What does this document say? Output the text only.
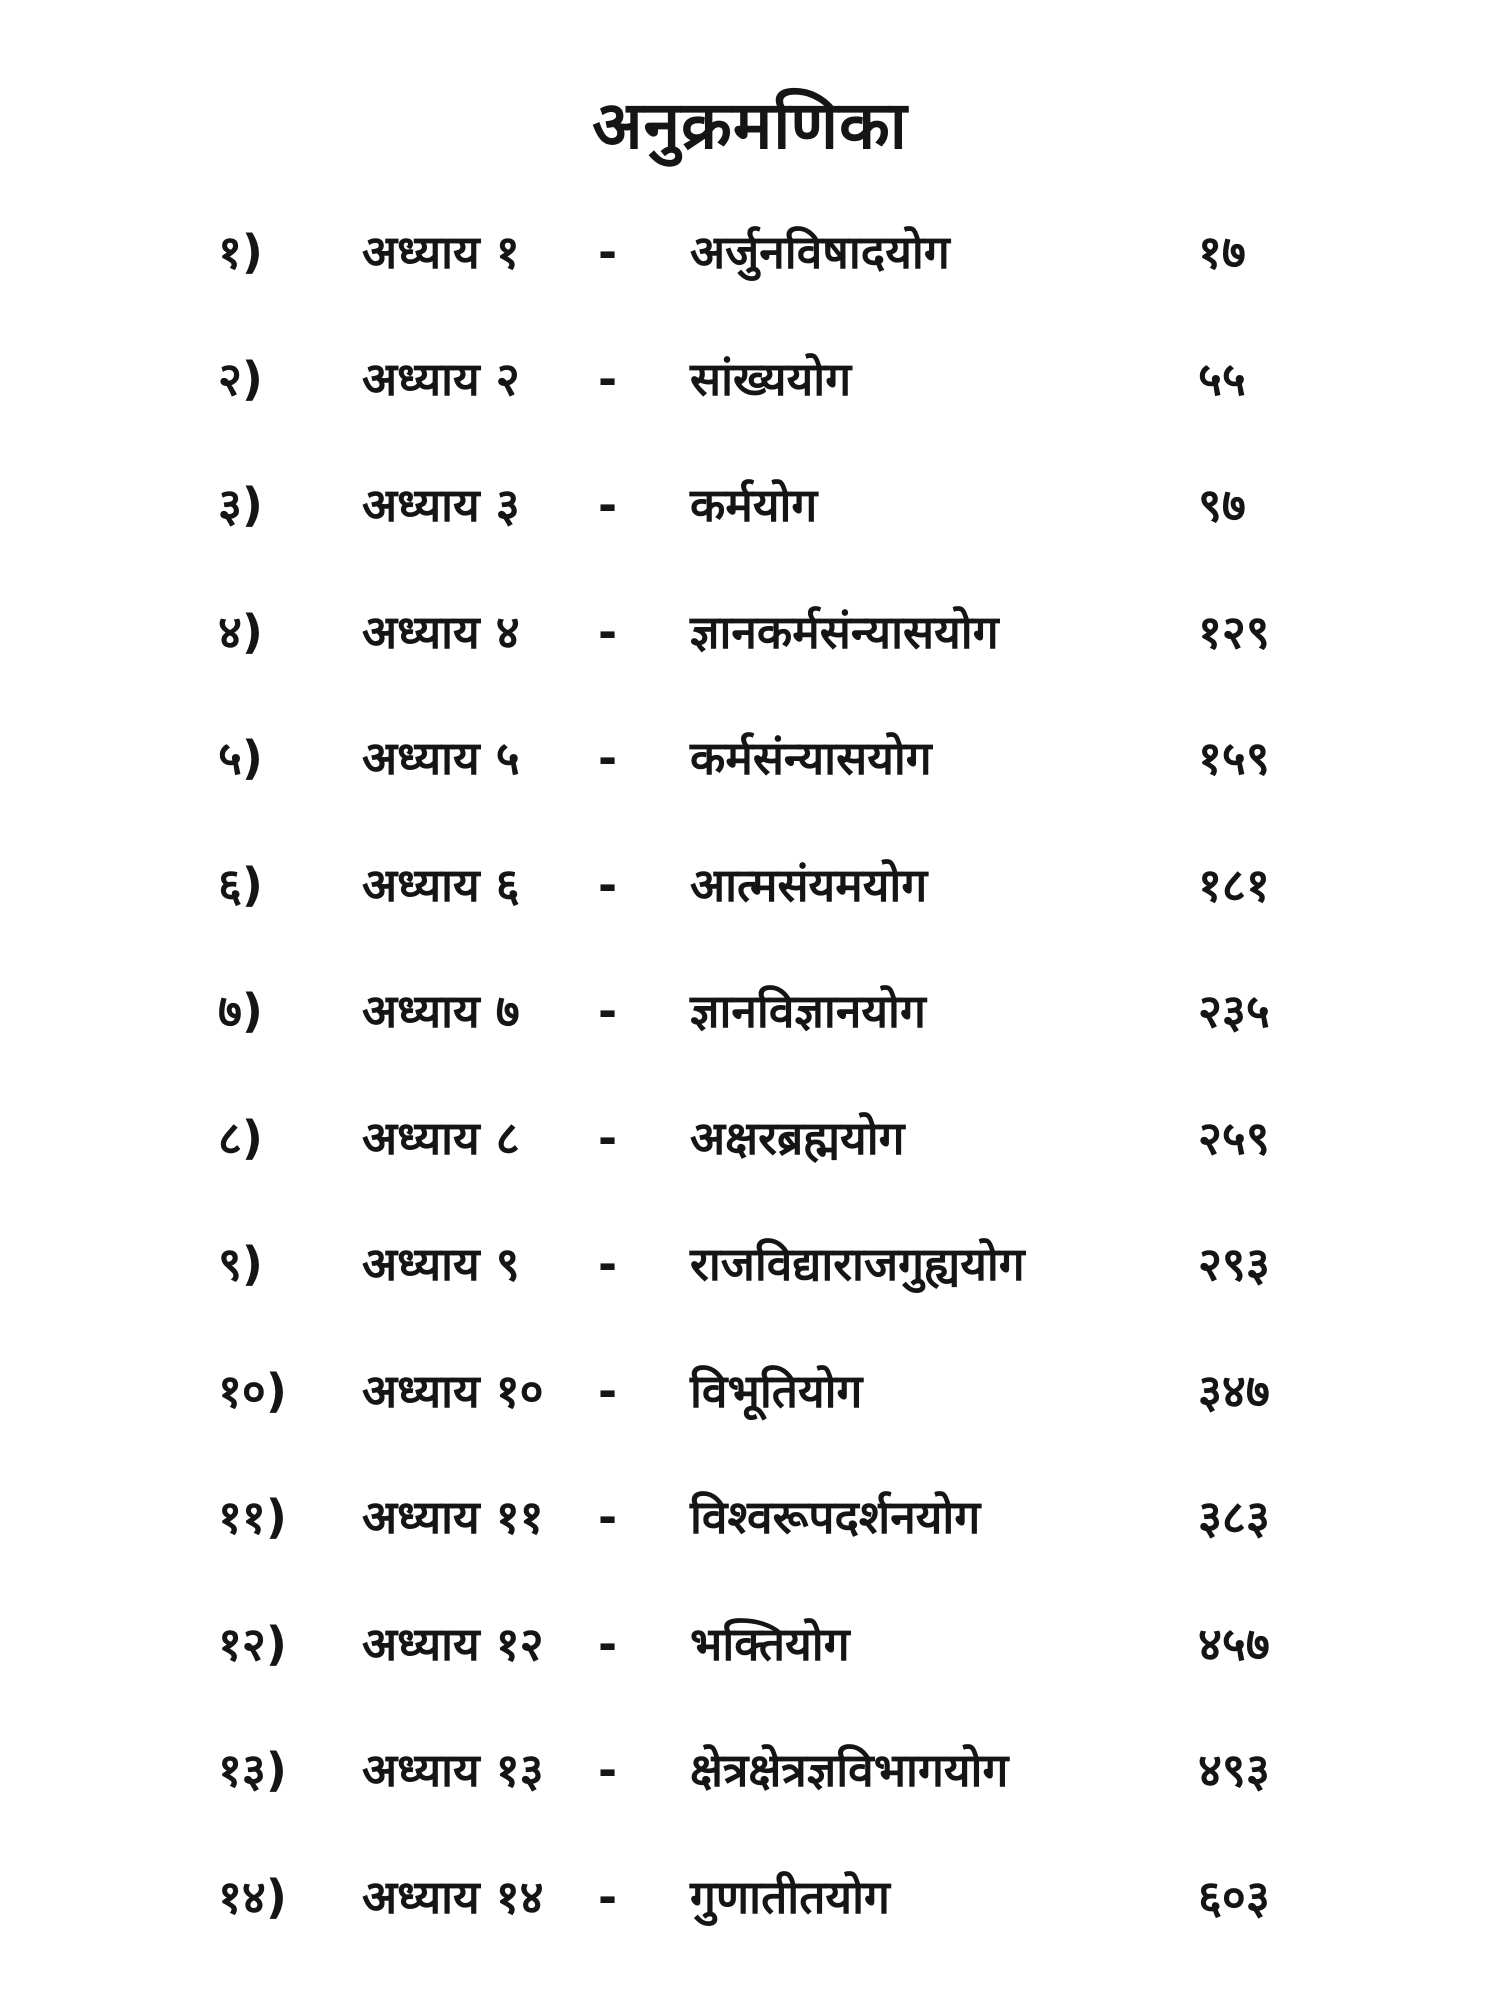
अनुक्रमणिका
१) अध्याय १ - अर्जुनविषादयोग	१७
२) अध्याय २ - सांख्ययोग	५५
३) अध्याय ३ - कर्मयोग	९७
४) अध्याय ४ - ज्ञानकर्मसंन्यासयोग	१२९
५) अध्याय ५ - कर्मसंन्यासयोग	१५९
६) अध्याय ६ - आत्मसंयमयोग	१८१
७) अध्याय ७ - ज्ञानविज्ञानयोग	२३५
८) अध्याय ८ - अक्षरब्रह्मयोग	२५९
९) अध्याय ९ - राजविद्याराजगुह्ययोग	२९३
१०) अध्याय १० - विभूतियोग	३४७
११) अध्याय ११ - विश्वरूपदर्शनयोग	३८३
१२) अध्याय १२ - भक्तियोग	४५७
१३) अध्याय १३ - क्षेत्रक्षेत्रज्ञविभागयोग	४९३
१४) अध्याय १४ - गुणातीतयोग	६०३
